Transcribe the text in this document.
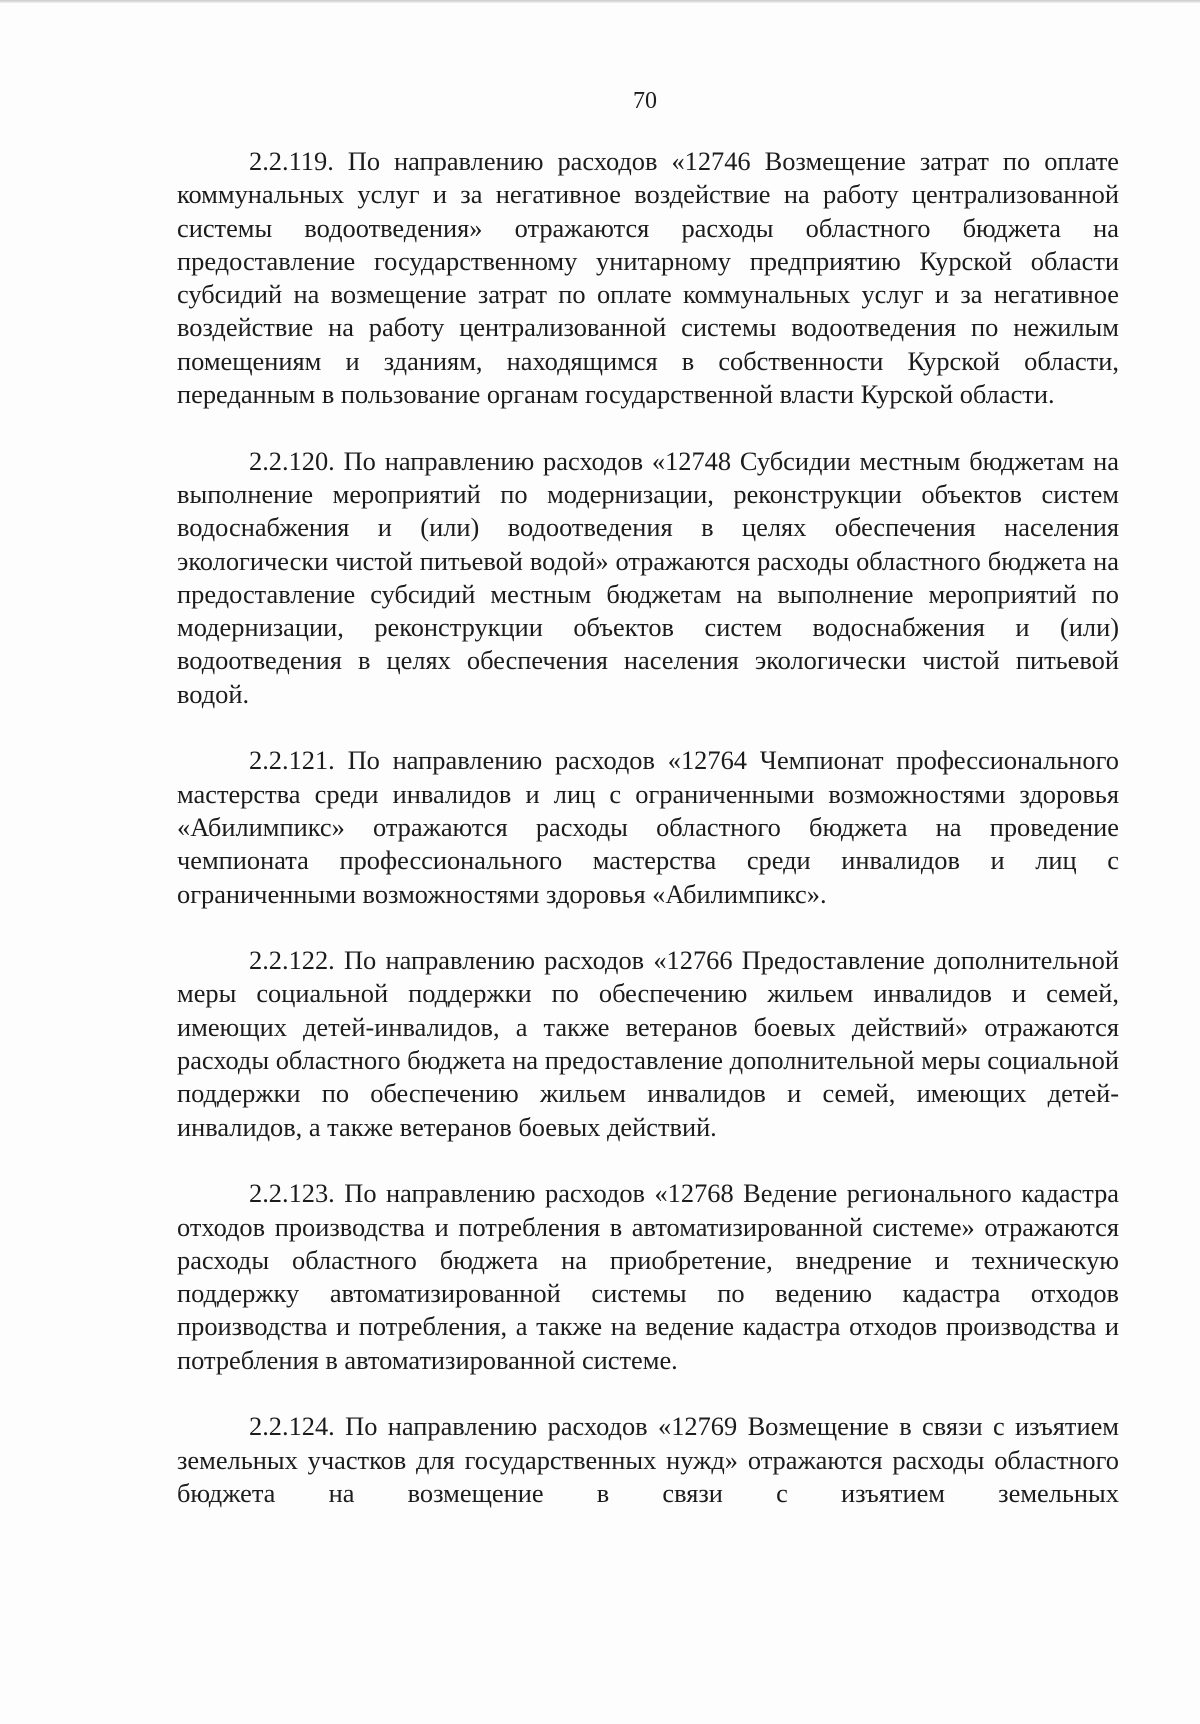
70

2.2.119. По направлению расходов «12746 Возмещение затрат по оплате коммунальных услуг и за негативное воздействие на работу централизованной системы водоотведения» отражаются расходы областного бюджета на предоставление государственному унитарному предприятию Курской области субсидий на возмещение затрат по оплате коммунальных услуг и за негативное воздействие на работу централизованной системы водоотведения по нежилым помещениям и зданиям, находящимся в собственности Курской области, переданным в пользование органам государственной власти Курской области.

2.2.120. По направлению расходов «12748 Субсидии местным бюджетам на выполнение мероприятий по модернизации, реконструкции объектов систем водоснабжения и (или) водоотведения в целях обеспечения населения экологически чистой питьевой водой» отражаются расходы областного бюджета на предоставление субсидий местным бюджетам на выполнение мероприятий по модернизации, реконструкции объектов систем водоснабжения и (или) водоотведения в целях обеспечения населения экологически чистой питьевой водой.

2.2.121. По направлению расходов «12764 Чемпионат профессионального мастерства среди инвалидов и лиц с ограниченными возможностями здоровья «Абилимпикс» отражаются расходы областного бюджета на проведение чемпионата профессионального мастерства среди инвалидов и лиц с ограниченными возможностями здоровья «Абилимпикс».

2.2.122. По направлению расходов «12766 Предоставление дополнительной меры социальной поддержки по обеспечению жильем инвалидов и семей, имеющих детей-инвалидов, а также ветеранов боевых действий» отражаются расходы областного бюджета на предоставление дополнительной меры социальной поддержки по обеспечению жильем инвалидов и семей, имеющих детей-инвалидов, а также ветеранов боевых действий.

2.2.123. По направлению расходов «12768 Ведение регионального кадастра отходов производства и потребления в автоматизированной системе» отражаются расходы областного бюджета на приобретение, внедрение и техническую поддержку автоматизированной системы по ведению кадастра отходов производства и потребления, а также на ведение кадастра отходов производства и потребления в автоматизированной системе.

2.2.124. По направлению расходов «12769 Возмещение в связи с изъятием земельных участков для государственных нужд» отражаются расходы областного бюджета на возмещение в связи с изъятием земельных
